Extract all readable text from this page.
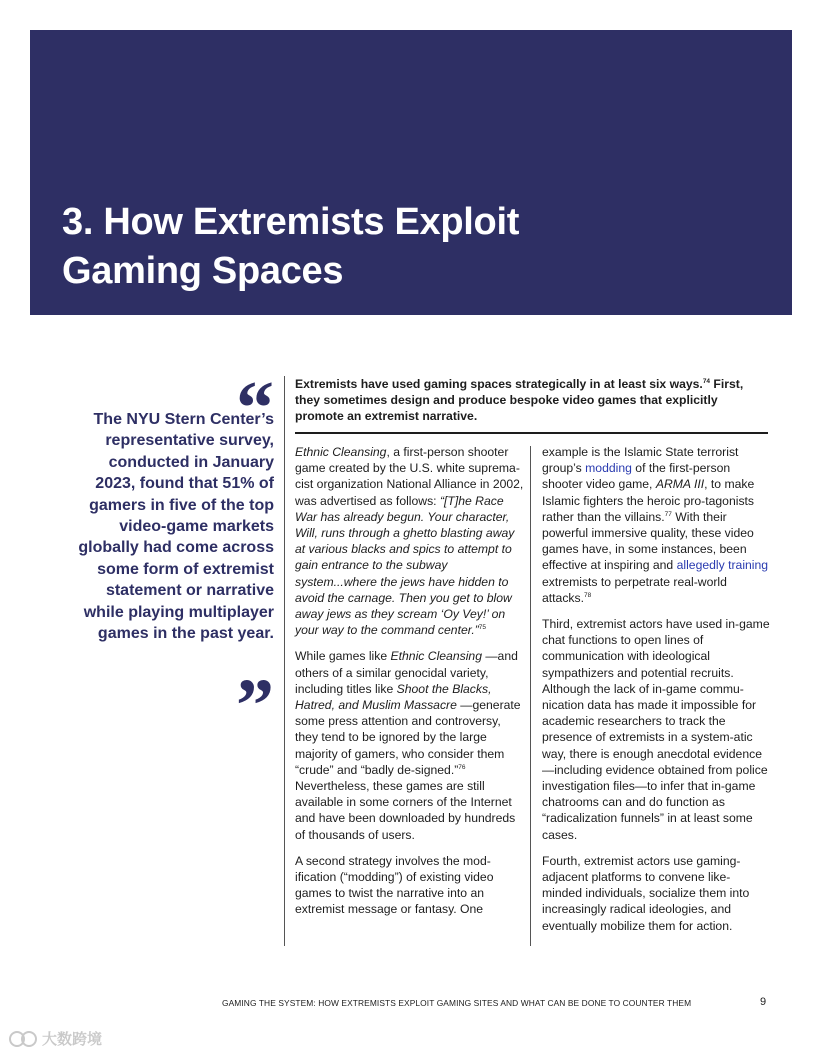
3. How Extremists Exploit
Gaming Spaces
“

The NYU Stern Center’s representative survey, conducted in January 2023, found that 51% of gamers in five of the top video-game markets globally had come across some form of extremist statement or narrative while playing multiplayer games in the past year.

”

Extremists have used gaming spaces strategically in at least six ways.$^{74}$ First, they sometimes design and produce bespoke video games that explicitly promote an extremist narrative.

Ethnic Cleansing, a first-person shooter game created by the U.S. white suprema-cist organization National Alliance in 2002, was advertised as follows: “[T]he Race War has already begun. Your character, Will, runs through a ghetto blasting away at various blacks and spics to attempt to gain entrance to the subway system...where the jews have hidden to avoid the carnage. Then you get to blow away jews as they scream ‘Oy Vey!’ on your way to the command center.”$^{75}$

While games like Ethnic Cleansing —and others of a similar genocidal variety, including titles like Shoot the Blacks, Hatred, and Muslim Massacre —generate some press attention and controversy, they tend to be ignored by the large majority of gamers, who consider them “crude” and “badly de-signed.”$^{76}$ Nevertheless, these games are still available in some corners of the Internet and have been downloaded by hundreds of thousands of users.

A second strategy involves the mod-ification (“modding”) of existing video games to twist the narrative into an extremist message or fantasy. One

example is the Islamic State terrorist group’s modding of the first-person shooter video game, ARMA III, to make Islamic fighters the heroic pro-tagonists rather than the villains.$^{77}$ With their powerful immersive quality, these video games have, in some instances, been effective at inspiring and allegedly training extremists to perpetrate real-world attacks.$^{78}$

Third, extremist actors have used in-game chat functions to open lines of communication with ideological sympathizers and potential recruits. Although the lack of in-game commu-nication data has made it impossible for academic researchers to track the presence of extremists in a system-atic way, there is enough anecdotal evidence—including evidence obtained from police investigation files—to infer that in-game chatrooms can and do function as “radicalization funnels” in at least some cases.

Fourth, extremist actors use gaming-adjacent platforms to convene like-minded individuals, socialize them into increasingly radical ideologies, and eventually mobilize them for action.

GAMING THE SYSTEM: HOW EXTREMISTS EXPLOIT GAMING SITES AND WHAT CAN BE DONE TO COUNTER THEM	9
大数跨境
